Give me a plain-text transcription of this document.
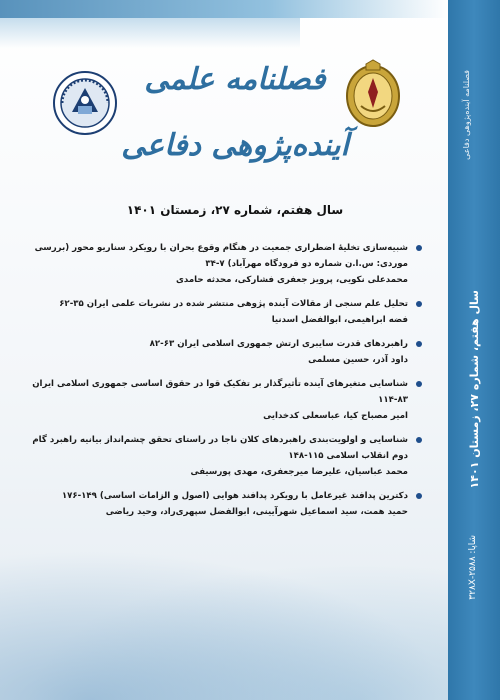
فصلنامه علمی
آینده‌پژوهی دفاعی
سال هفتم، شماره ۲۷، زمستان ۱۴۰۱
شبیه‌سازی تخلیهٔ اضطراری جمعیت در هنگام وقوع بحران با رویکرد سناریو محور (بررسی موردی: س.ا.ن شماره دو فرودگاه مهرآباد) ۷-۳۴
محمدعلی نکویی، پرویز جعفری فشارکی، محدثه حامدی
تحلیل علم سنجی از مقالات آینده پژوهی منتشر شده در نشریات علمی ایران ۳۵-۶۲
فضه ابراهیمی، ابوالفضل اسدنیا
راهبردهای قدرت سایبری ارتش جمهوری اسلامی ایران ۶۳-۸۲
داود آذر، حسین مسلمی
شناسایی متغیرهای آینده تأثیرگذار بر تفکیک قوا در حقوق اساسی جمهوری اسلامی ایران ۸۳-۱۱۴
امیر مصباح کیا، عباسعلی کدخدایی
شناسایی و اولویت‌بندی راهبردهای کلان ناجا در راستای تحقق چشم‌انداز بیانیه راهبرد گام دوم انقلاب اسلامی ۱۱۵-۱۴۸
محمد عباسیان، علیرضا میرجعفری، مهدی پورسیفی
دکترین پدافند غیرعامل با رویکرد پدافند هوایی (اصول و الزامات اساسی) ۱۴۹-۱۷۶
حمید همت، سید اسماعیل شهرآیینی، ابوالفضل سپهری‌راد، وحید ریاضی
فصلنامه آینده‌پژوهی دفاعی
سال هفتم، شماره ۲۷، زمستان ۱۴۰۱
شاپا: ۲۵۸۸-۳۲۸X
